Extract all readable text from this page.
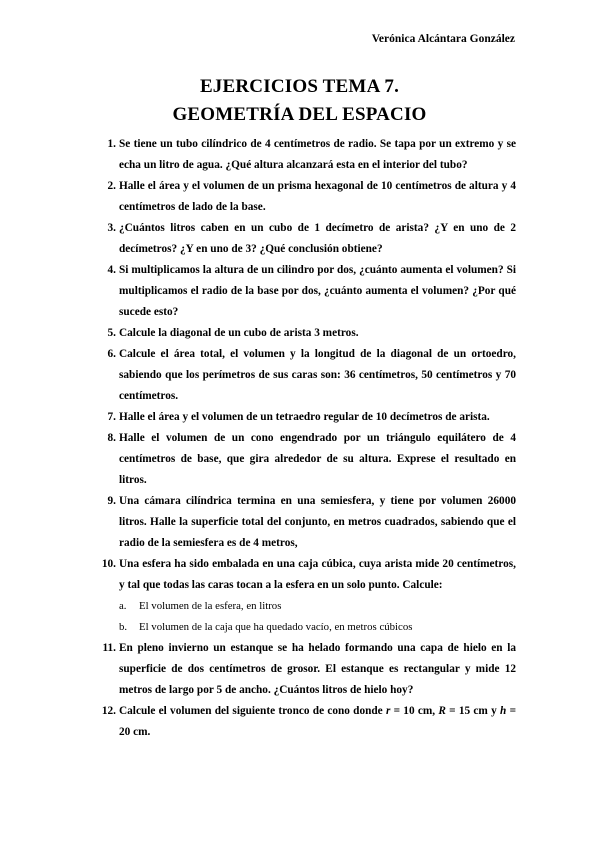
Verónica Alcántara González
EJERCICIOS TEMA 7.
GEOMETRÍA DEL ESPACIO
1. Se tiene un tubo cilíndrico de 4 centímetros de radio. Se tapa por un extremo y se echa un litro de agua. ¿Qué altura alcanzará esta en el interior del tubo?
2. Halle el área y el volumen de un prisma hexagonal de 10 centímetros de altura y 4 centímetros de lado de la base.
3. ¿Cuántos litros caben en un cubo de 1 decímetro de arista? ¿Y en uno de 2 decímetros? ¿Y en uno de 3? ¿Qué conclusión obtiene?
4. Si multiplicamos la altura de un cilindro por dos, ¿cuánto aumenta el volumen? Si multiplicamos el radio de la base por dos, ¿cuánto aumenta el volumen? ¿Por qué sucede esto?
5. Calcule la diagonal de un cubo de arista 3 metros.
6. Calcule el área total, el volumen y la longitud de la diagonal de un ortoedro, sabiendo que los perímetros de sus caras son: 36 centímetros, 50 centímetros y 70 centímetros.
7. Halle el área y el volumen de un tetraedro regular de 10 decímetros de arista.
8. Halle el volumen de un cono engendrado por un triángulo equilátero de 4 centímetros de base, que gira alrededor de su altura. Exprese el resultado en litros.
9. Una cámara cilíndrica termina en una semiesfera, y tiene por volumen 26000 litros. Halle la superficie total del conjunto, en metros cuadrados, sabiendo que el radio de la semiesfera es de 4 metros,
10. Una esfera ha sido embalada en una caja cúbica, cuya arista mide 20 centímetros, y tal que todas las caras tocan a la esfera en un solo punto. Calcule:
a. El volumen de la esfera, en litros
b. El volumen de la caja que ha quedado vacío, en metros cúbicos
11. En pleno invierno un estanque se ha helado formando una capa de hielo en la superficie de dos centímetros de grosor. El estanque es rectangular y mide 12 metros de largo por 5 de ancho. ¿Cuántos litros de hielo hoy?
12. Calcule el volumen del siguiente tronco de cono donde r = 10 cm, R = 15 cm y h = 20 cm.
